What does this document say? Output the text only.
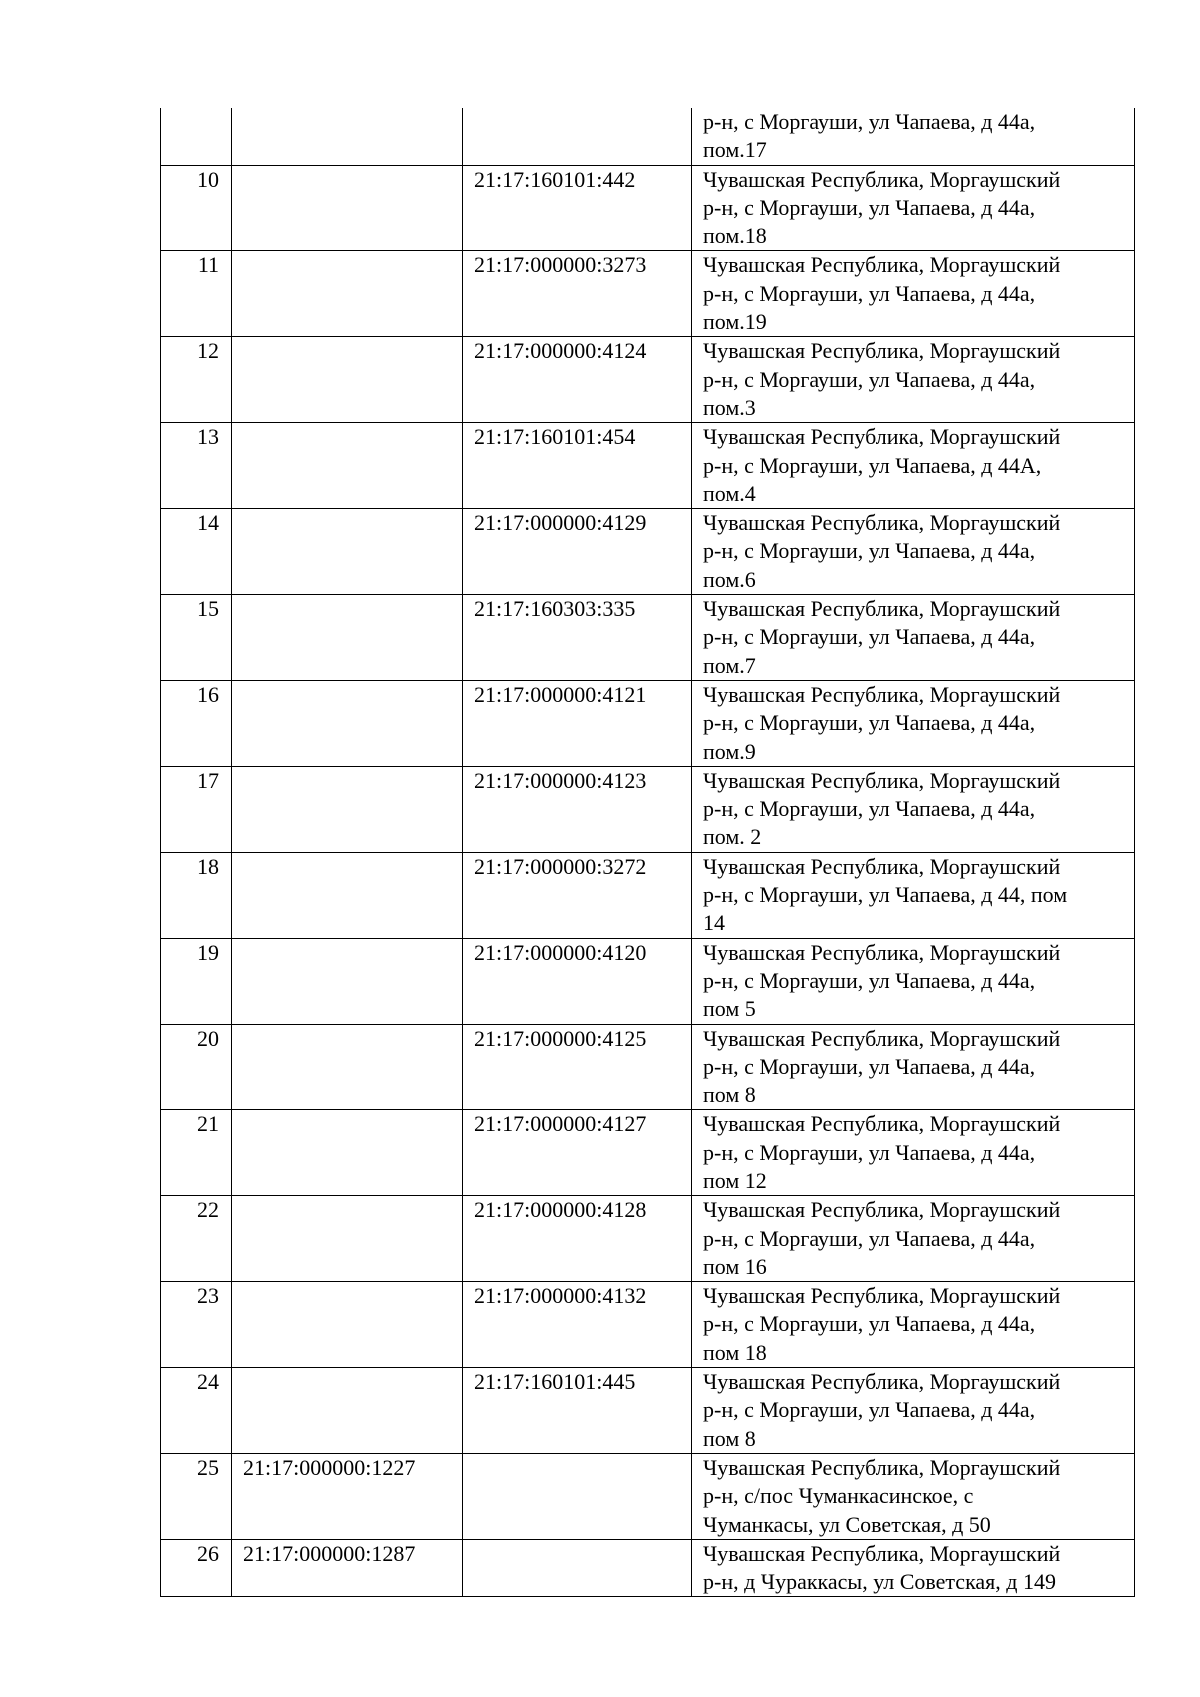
			р-н, с Моргауши, ул Чапаева, д 44а,
пом.17

10		21:17:160101:442	Чувашская Республика, Моргаушский
р-н, с Моргауши, ул Чапаева, д 44а,
пом.18

11		21:17:000000:3273	Чувашская Республика, Моргаушский
р-н, с Моргауши, ул Чапаева, д 44а,
пом.19

12		21:17:000000:4124	Чувашская Республика, Моргаушский
р-н, с Моргауши, ул Чапаева, д 44а,
пом.3

13		21:17:160101:454	Чувашская Республика, Моргаушский
р-н, с Моргауши, ул Чапаева, д 44А,
пом.4

14		21:17:000000:4129	Чувашская Республика, Моргаушский
р-н, с Моргауши, ул Чапаева, д 44а,
пом.6

15		21:17:160303:335	Чувашская Республика, Моргаушский
р-н, с Моргауши, ул Чапаева, д 44а,
пом.7

16		21:17:000000:4121	Чувашская Республика, Моргаушский
р-н, с Моргауши, ул Чапаева, д 44а,
пом.9

17		21:17:000000:4123	Чувашская Республика, Моргаушский
р-н, с Моргауши, ул Чапаева, д 44а,
пом. 2

18		21:17:000000:3272	Чувашская Республика, Моргаушский
р-н, с Моргауши, ул Чапаева, д 44, пом
14

19		21:17:000000:4120	Чувашская Республика, Моргаушский
р-н, с Моргауши, ул Чапаева, д 44а,
пом 5

20		21:17:000000:4125	Чувашская Республика, Моргаушский
р-н, с Моргауши, ул Чапаева, д 44а,
пом 8

21		21:17:000000:4127	Чувашская Республика, Моргаушский
р-н, с Моргауши, ул Чапаева, д 44а,
пом 12

22		21:17:000000:4128	Чувашская Республика, Моргаушский
р-н, с Моргауши, ул Чапаева, д 44а,
пом 16

23		21:17:000000:4132	Чувашская Республика, Моргаушский
р-н, с Моргауши, ул Чапаева, д 44а,
пом 18

24		21:17:160101:445	Чувашская Республика, Моргаушский
р-н, с Моргауши, ул Чапаева, д 44а,
пом 8

25	21:17:000000:1227		Чувашская Республика, Моргаушский
р-н, с/пос Чуманкасинское, с
Чуманкасы, ул Советская, д 50

26	21:17:000000:1287		Чувашская Республика, Моргаушский
р-н, д Чураккасы, ул Советская, д 149
